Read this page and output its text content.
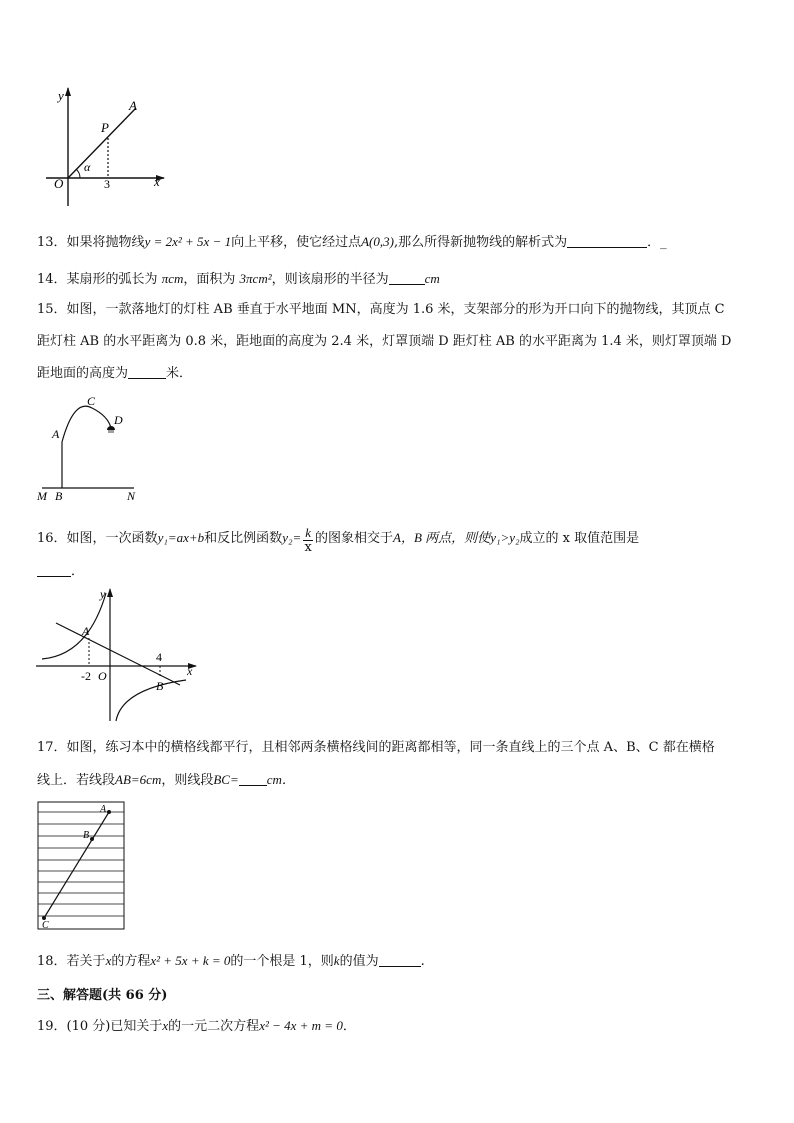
y
A
P
α
O	3	x
13．如果将抛物线y = 2x² + 5x − 1向上平移，使它经过点A(0,3),那么所得新抛物线的解析式为	．_
14．某扇形的弧长为 πcm，面积为 3πcm²，则该扇形的半径为	cm
15．如图，一款落地灯的灯柱 AB 垂直于水平地面 MN，高度为 1.6 米，支架部分的形为开口向下的抛物线，其顶点 C
距灯柱 AB 的水平距离为 0.8 米，距地面的高度为 2.4 米，灯罩顶端 D 距灯柱 AB 的水平距离为 1.4 米，则灯罩顶端 D
距地面的高度为	米．
A
C
D
M B	N
16．如图，一次函数y₁=ax+b和反比例函数$y_2= \frac{k}{x}$ 的图象相交于A，B 两点，则使y₁>y₂成立的 x 取值范围是
．
y
A
4
x
-2 O
B
17．如图，练习本中的横格线都平行，且相邻两条横格线间的距离都相等，同一条直线上的三个点 A、B、C 都在横格
线上．若线段AB=6cm，则线段BC= cm．
A
B
C
18．若关于x的方程x² + 5x + k = 0的一个根是 1，则k的值为	.
三、解答题(共 66 分)
19．(10 分)已知关于x的一元二次方程x² − 4x + m = 0．
